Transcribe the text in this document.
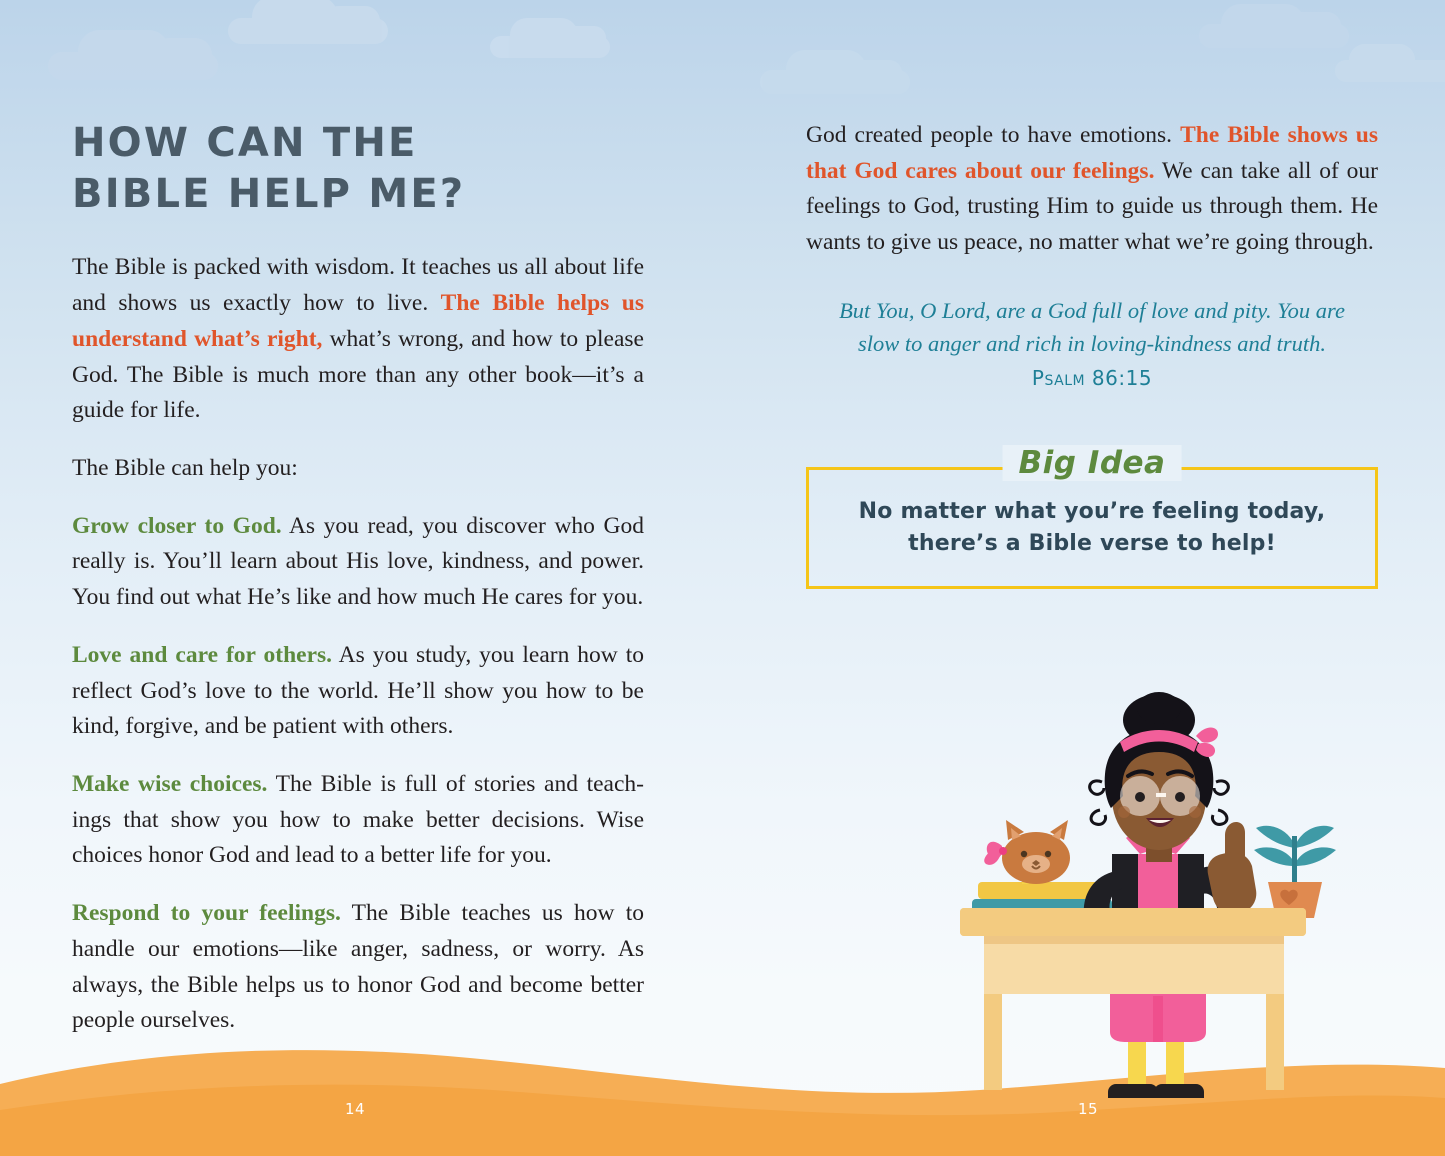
HOW CAN THE
BIBLE HELP ME?

The Bible is packed with wisdom. It teaches us all about life and shows us exactly how to live. The Bible helps us understand what’s right, what’s wrong, and how to please God. The Bible is much more than any other book—it’s a guide for life.

The Bible can help you:

Grow closer to God. As you read, you discover who God really is. You’ll learn about His love, kindness, and power. You find out what He’s like and how much He cares for you.

Love and care for others. As you study, you learn how to reflect God’s love to the world. He’ll show you how to be kind, forgive, and be patient with others.

Make wise choices. The Bible is full of stories and teach-ings that show you how to make better decisions. Wise choices honor God and lead to a better life for you.

Respond to your feelings. The Bible teaches us how to handle our emotions—like anger, sadness, or worry. As always, the Bible helps us to honor God and become better people ourselves.

God created people to have emotions. The Bible shows us that God cares about our feelings. We can take all of our feelings to God, trusting Him to guide us through them. He wants to give us peace, no matter what we’re going through.

But You, O Lord, are a God full of love and pity. You are slow to anger and rich in loving-kindness and truth.
Psalm 86:15
No matter what you’re feeling today,
there’s a Bible verse to help!
Big Idea
14	15
